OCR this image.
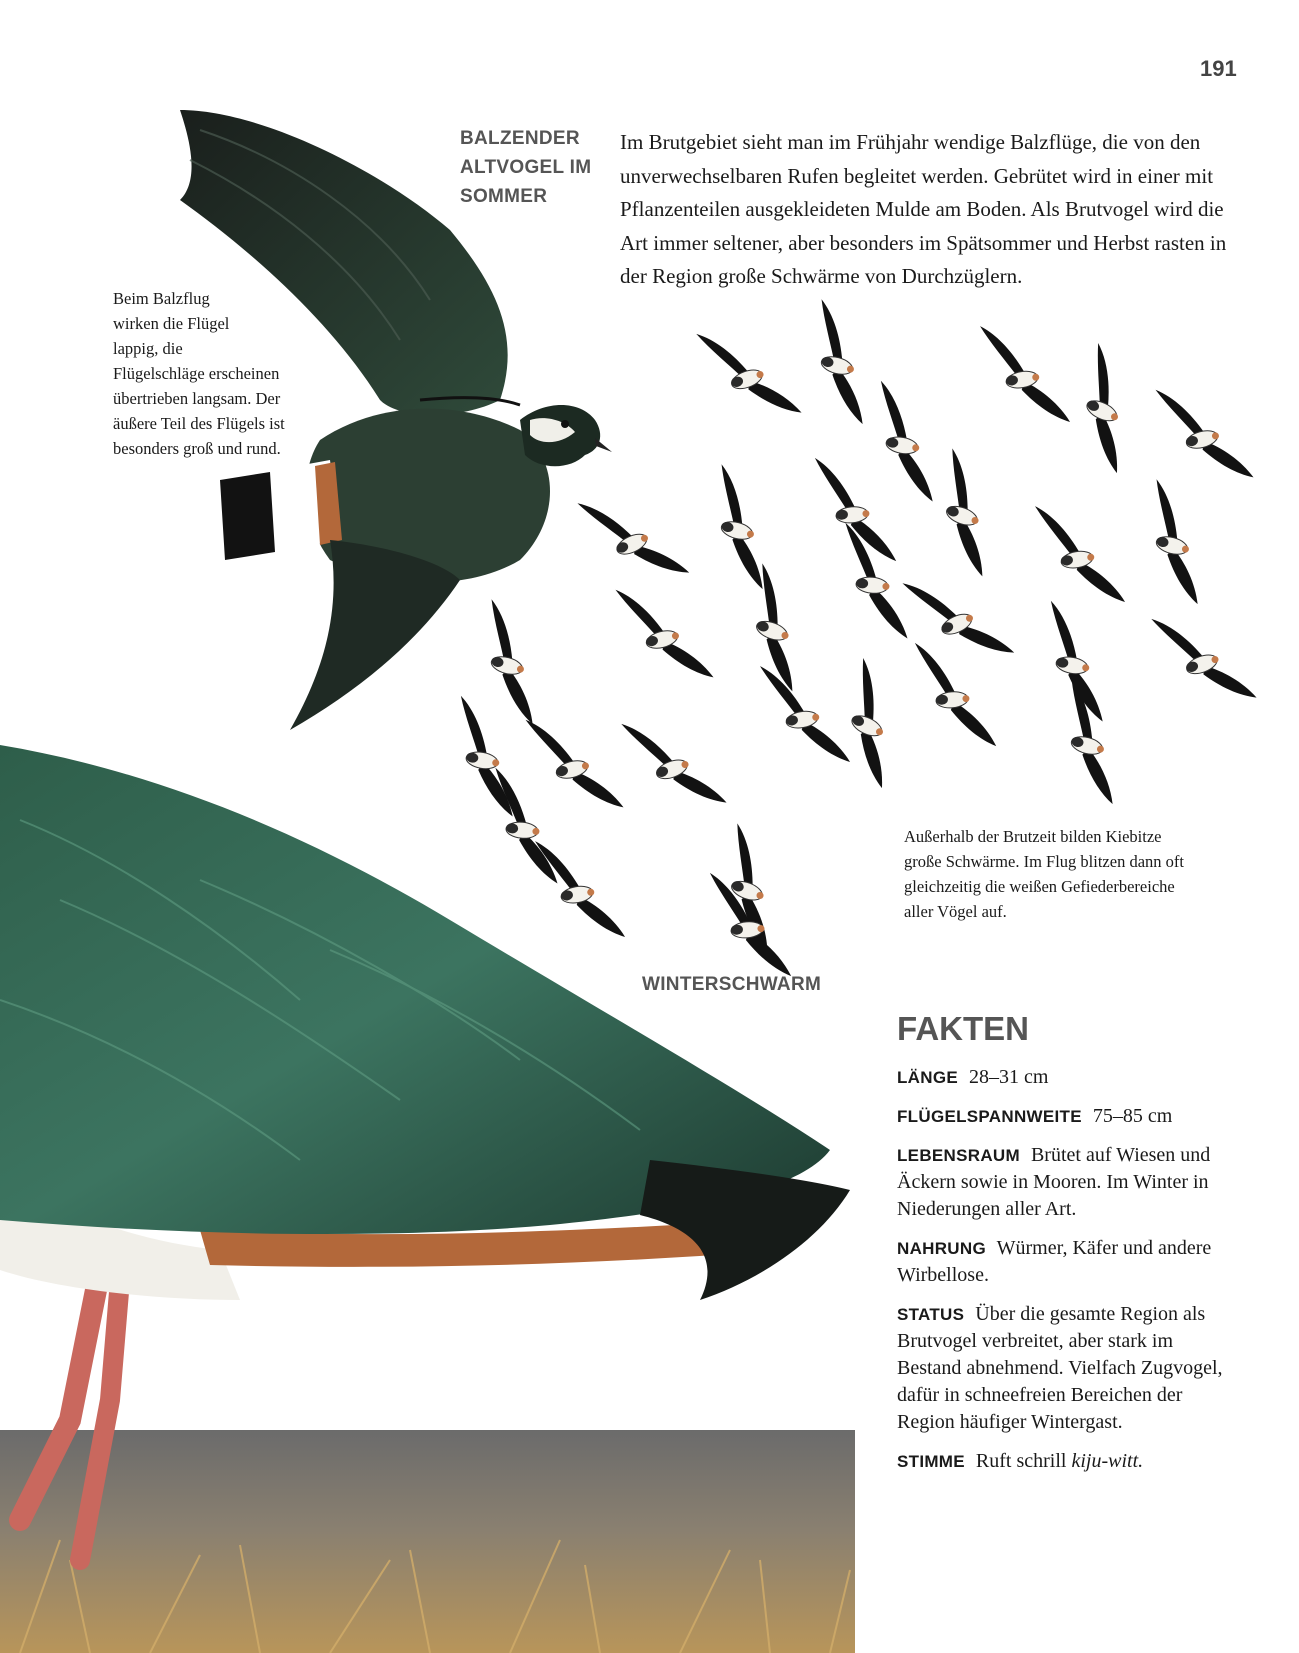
191
BALZENDER
ALTVOGEL IM
SOMMER
Im Brutgebiet sieht man im Frühjahr wendige Balzflüge, die von den unverwechselbaren Rufen begleitet werden. Gebrütet wird in einer mit Pflanzenteilen ausgekleideten Mulde am Boden. Als Brutvogel wird die Art immer seltener, aber besonders im Spätsommer und Herbst rasten in der Region große Schwärme von Durchzüglern.
Beim Balzflug
wirken die Flügel
lappig, die
Flügelschläge erscheinen
übertrieben langsam. Der
äußere Teil des Flügels ist
besonders groß und rund.
Außerhalb der Brutzeit bilden Kiebitze
große Schwärme. Im Flug blitzen dann oft
gleichzeitig die weißen Gefiederbereiche
aller Vögel auf.
WINTERSCHWARM
FAKTEN
LÄNGE 28–31 cm
FLÜGELSPANNWEITE 75–85 cm
LEBENSRAUM Brütet auf Wiesen und Äckern sowie in Mooren. Im Winter in Niederungen aller Art.
NAHRUNG Würmer, Käfer und andere Wirbellose.
STATUS Über die gesamte Region als Brutvogel verbreitet, aber stark im Bestand abnehmend. Vielfach Zugvogel, dafür in schneefreien Bereichen der Region häufiger Wintergast.
STIMME Ruft schrill kiju-witt.
